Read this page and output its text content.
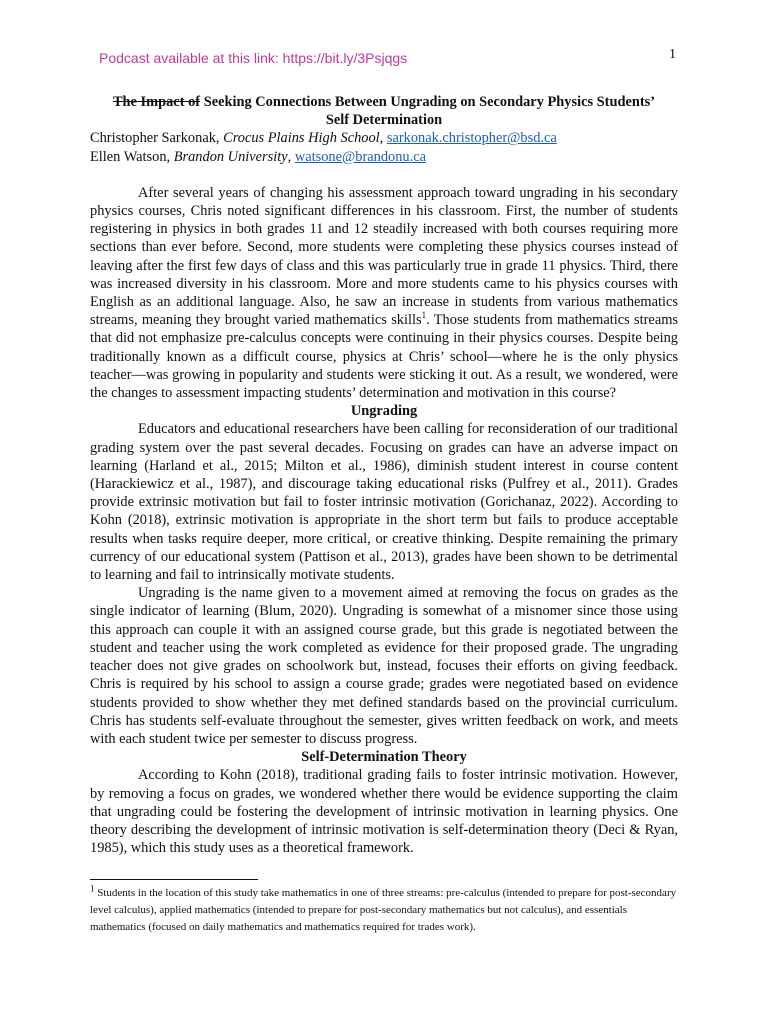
Podcast available at this link: https://bit.ly/3Psjqgs	1

The Impact of Seeking Connections Between Ungrading on Secondary Physics Students’
Self Determination

Christopher Sarkonak, Crocus Plains High School, sarkonak.christopher@bsd.ca

Ellen Watson, Brandon University, watsone@brandonu.ca

After several years of changing his assessment approach toward ungrading in his secondary physics courses, Chris noted significant differences in his classroom. First, the number of students registering in physics in both grades 11 and 12 steadily increased with both courses requiring more sections than ever before. Second, more students were completing these physics courses instead of leaving after the first few days of class and this was particularly true in grade 11 physics. Third, there was increased diversity in his classroom. More and more students came to his physics courses with English as an additional language. Also, he saw an increase in students from various mathematics streams, meaning they brought varied mathematics skills$^1$. Those students from mathematics streams that did not emphasize pre-calculus concepts were continuing in their physics courses. Despite being traditionally known as a difficult course, physics at Chris’ school—where he is the only physics teacher—was growing in popularity and students were sticking it out. As a result, we wondered, were the changes to assessment impacting students’ determination and motivation in this course?

Ungrading

Educators and educational researchers have been calling for reconsideration of our traditional grading system over the past several decades. Focusing on grades can have an adverse impact on learning (Harland et al., 2015; Milton et al., 1986), diminish student interest in course content (Harackiewicz et al., 1987), and discourage taking educational risks (Pulfrey et al., 2011). Grades provide extrinsic motivation but fail to foster intrinsic motivation (Gorichanaz, 2022). According to Kohn (2018), extrinsic motivation is appropriate in the short term but fails to produce acceptable results when tasks require deeper, more critical, or creative thinking. Despite remaining the primary currency of our educational system (Pattison et al., 2013), grades have been shown to be detrimental to learning and fail to intrinsically motivate students.

Ungrading is the name given to a movement aimed at removing the focus on grades as the single indicator of learning (Blum, 2020). Ungrading is somewhat of a misnomer since those using this approach can couple it with an assigned course grade, but this grade is negotiated between the student and teacher using the work completed as evidence for their proposed grade. The ungrading teacher does not give grades on schoolwork but, instead, focuses their efforts on giving feedback. Chris is required by his school to assign a course grade; grades were negotiated based on evidence students provided to show whether they met defined standards based on the provincial curriculum. Chris has students self-evaluate throughout the semester, gives written feedback on work, and meets with each student twice per semester to discuss progress.

Self-Determination Theory

According to Kohn (2018), traditional grading fails to foster intrinsic motivation. However, by removing a focus on grades, we wondered whether there would be evidence supporting the claim that ungrading could be fostering the development of intrinsic motivation in learning physics. One theory describing the development of intrinsic motivation is self-determination theory (Deci & Ryan, 1985), which this study uses as a theoretical framework.

$^1$ Students in the location of this study take mathematics in one of three streams: pre-calculus (intended to prepare for post-secondary level calculus), applied mathematics (intended to prepare for post-secondary mathematics but not calculus), and essentials mathematics (focused on daily mathematics and mathematics required for trades work).
